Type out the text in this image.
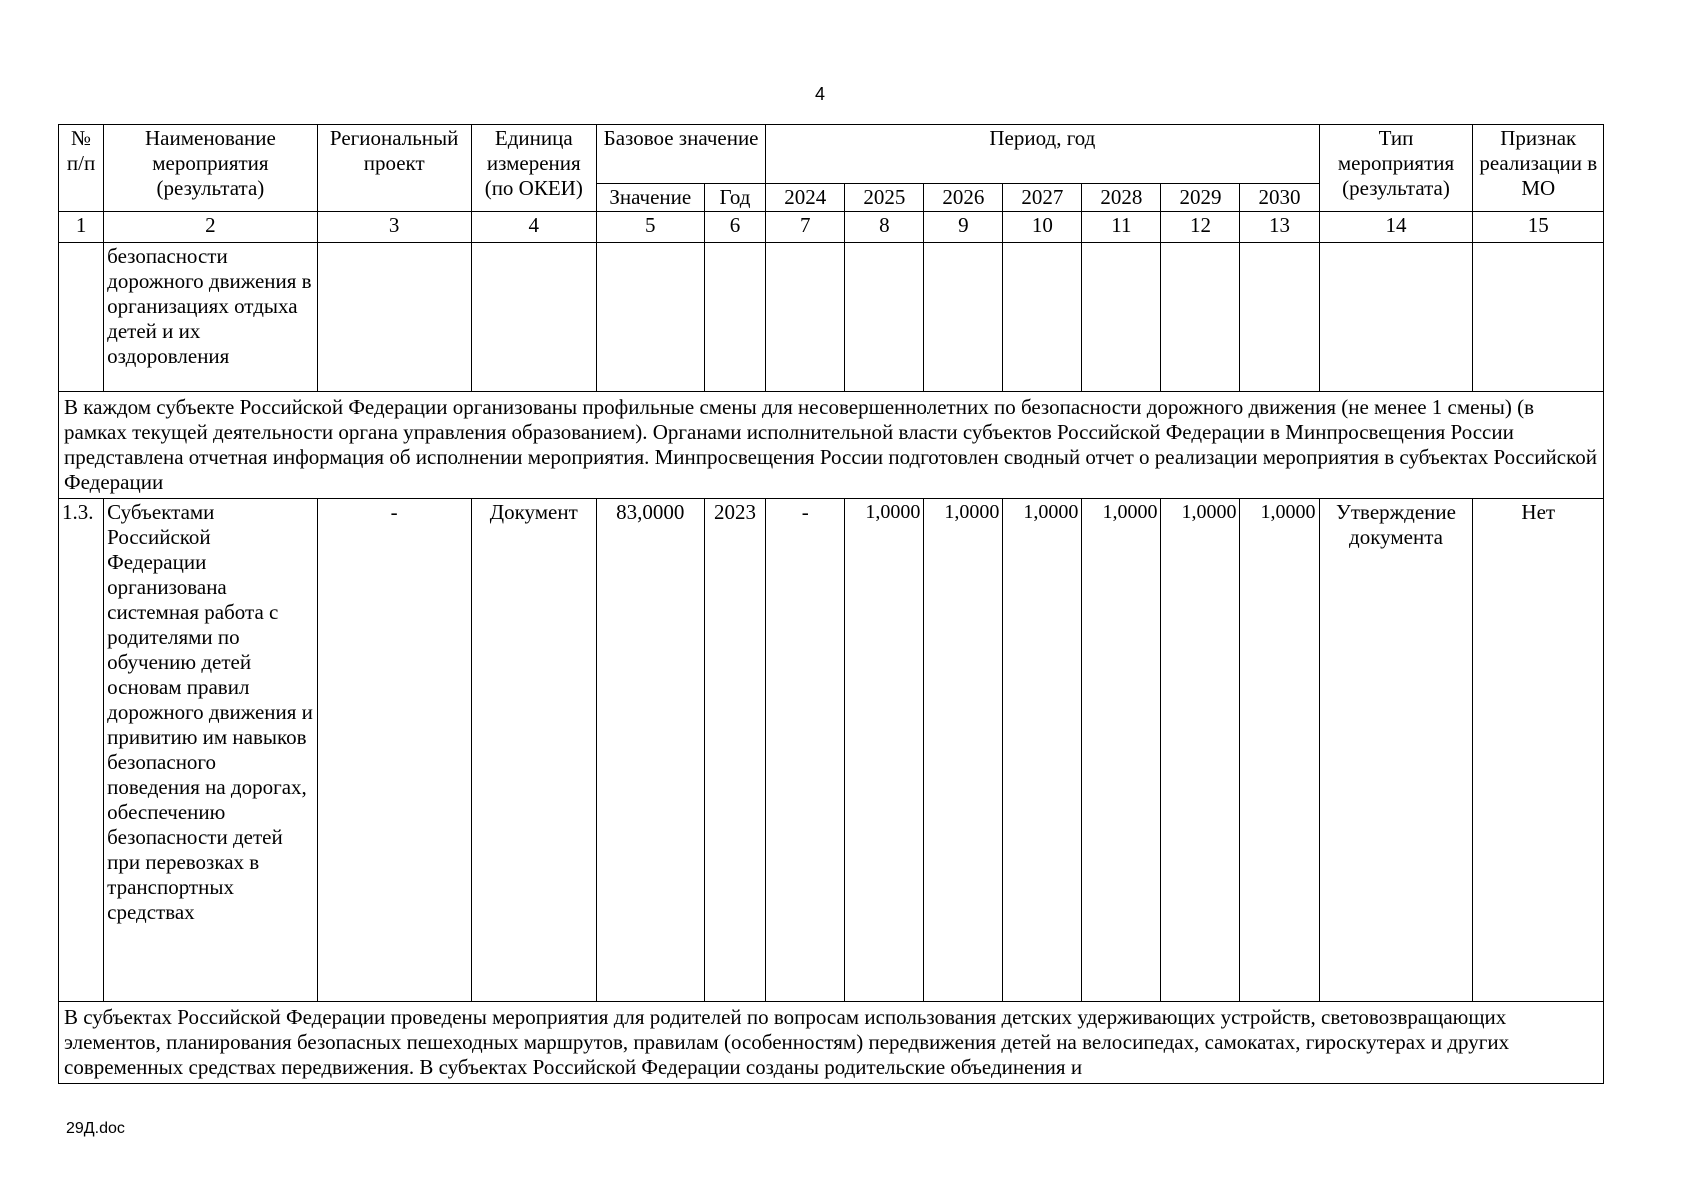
4
№ п/п	Наименование мероприятия (результата)	Региональный проект	Единица измерения (по ОКЕИ)	Базовое значение		Период, год							Тип мероприятия (результата)	Признак реализации в МО
				Значение	Год	2024	2025	2026	2027	2028	2029	2030		
1	2	3	4	5	6	7	8	9	10	11	12	13	14	15
	безопасности дорожного движения в организациях отдыха детей и их оздоровления													
В каждом субъекте Российской Федерации организованы профильные смены для несовершеннолетних по безопасности дорожного движения (не менее 1 смены) (в рамках текущей деятельности органа управления образованием). Органами исполнительной власти субъектов Российской Федерации в Минпросвещения России представлена отчетная информация об исполнении мероприятия. Минпросвещения России подготовлен сводный отчет о реализации мероприятия в субъектах Российской Федерации														
1.3.	Субъектами Российской Федерации организована системная работа с родителями по обучению детей основам правил дорожного движения и привитию им навыков безопасного поведения на дорогах, обеспечению безопасности детей при перевозках в транспортных средствах	-	Документ	83,0000	2023	-	1,0000	1,0000	1,0000	1,0000	1,0000	1,0000	Утверждение документа	Нет
В субъектах Российской Федерации проведены мероприятия для родителей по вопросам использования детских удерживающих устройств, световозвращающих элементов, планирования безопасных пешеходных маршрутов, правилам (особенностям) передвижения детей на велосипедах, самокатах, гироскутерах и других современных средствах передвижения. В субъектах Российской Федерации созданы родительские объединения и														
29Д.doc
